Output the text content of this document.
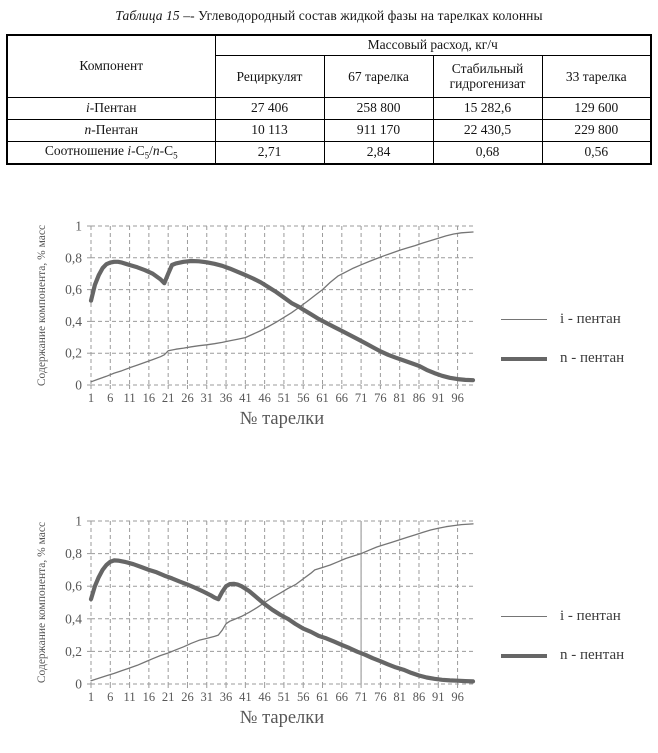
Таблица 15 –- Углеводородный состав жидкой фазы на тарелках колонны
Компонент	Массовый расход, кг/ч			
	Рециркулят	67 тарелка	Стабильный гидрогенизат	33 тарелка
i-Пентан	27 406	258 800	15 282,6	129 600
n-Пентан	10 113	911 170	22 430,5	229 800
Соотношение $i-C_5/n-C_5$	2,71	2,84	0,68	0,56
1 6 11 16 21 26 31 36 41 46 51 56 61 66 71 76 81 86 91 96
0
0,2
0,4
0,6
0,8
1
№ тарелки
Содержание компонента, % масс	i - пентан
n - пентан
1 6 11 16 21 26 31 36 41 46 51 56 61 66 71 76 81 86 91 96
0
0,2
0,4
0,6
0,8
1
№ тарелки
Содержание компонента, % масс	i - пентан
n - пентан
